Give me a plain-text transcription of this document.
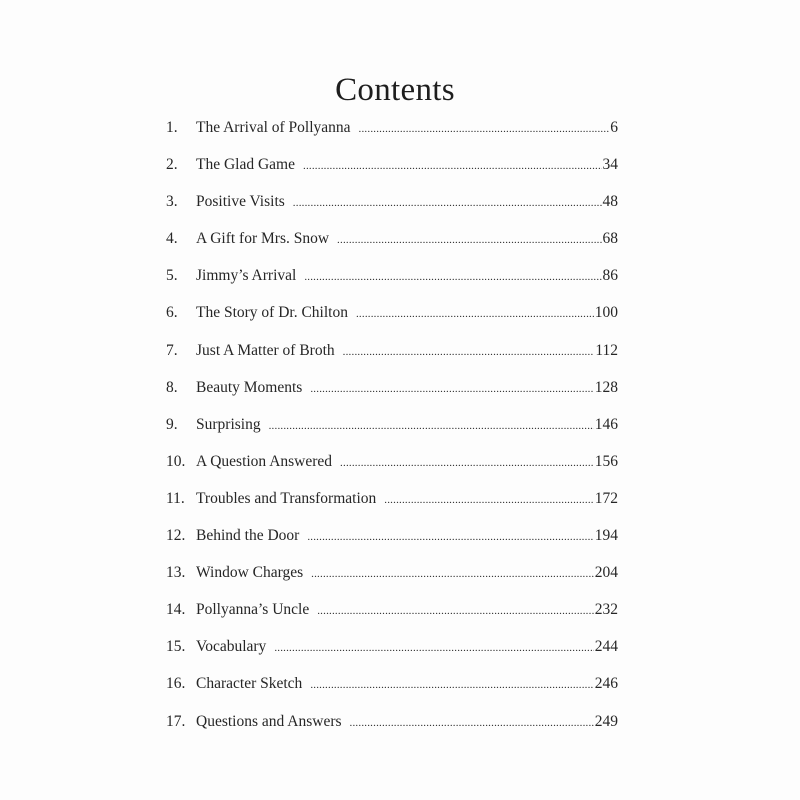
Contents
1.	The Arrival of Pollyanna .....	6
2.	The Glad Game .....	34
3.	Positive Visits .....	48
4.	A Gift for Mrs. Snow .....	68
5.	Jimmy’s Arrival .....	86
6.	The Story of Dr. Chilton .....	100
7.	Just A Matter of Broth .....	112
8.	Beauty Moments .....	128
9.	Surprising .....	146
10. A Question Answered .....	156
11. Troubles and Transformation .....	172
12. Behind the Door .....	194
13. Window Charges .....	204
14. Pollyanna’s Uncle .....	232
15. Vocabulary .....	244
16. Character Sketch .....	246
17. Questions and Answers .....	249
